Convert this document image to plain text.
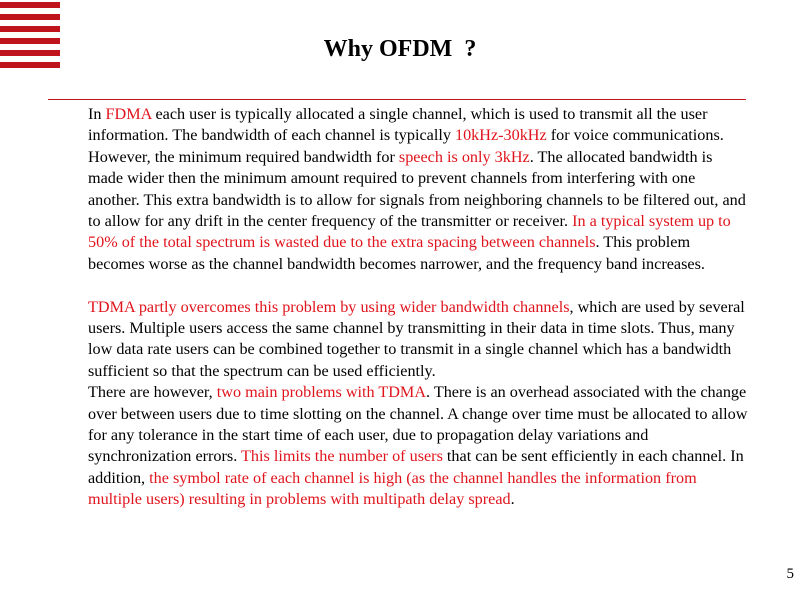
Why OFDM  ?

In FDMA each user is typically allocated a single channel, which is used to transmit all the user information. The bandwidth of each channel is typically 10kHz-30kHz for voice communications. However, the minimum required bandwidth for speech is only 3kHz. The allocated bandwidth is made wider then the minimum amount required to prevent channels from interfering with one another. This extra bandwidth is to allow for signals from neighboring channels to be filtered out, and to allow for any drift in the center frequency of the transmitter or receiver. In a typical system up to 50% of the total spectrum is wasted due to the extra spacing between channels. This problem becomes worse as the channel bandwidth becomes narrower, and the frequency band increases.

TDMA partly overcomes this problem by using wider bandwidth channels, which are used by several users. Multiple users access the same channel by transmitting in their data in time slots. Thus, many low data rate users can be combined together to transmit in a single channel which has a bandwidth sufficient so that the spectrum can be used efficiently.

There are however, two main problems with TDMA. There is an overhead associated with the change over between users due to time slotting on the channel. A change over time must be allocated to allow for any tolerance in the start time of each user, due to propagation delay variations and synchronization errors. This limits the number of users that can be sent efficiently in each channel. In addition, the symbol rate of each channel is high (as the channel handles the information from multiple users) resulting in problems with multipath delay spread.

5
